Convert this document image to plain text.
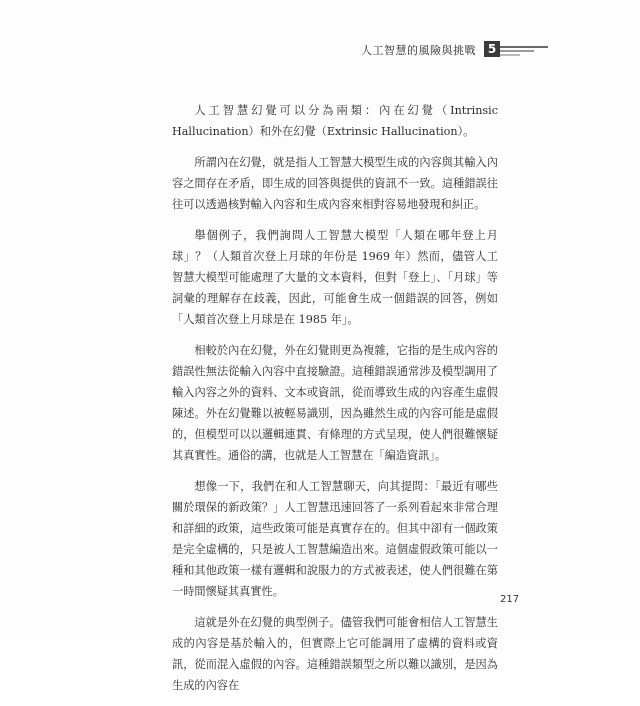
人工智慧的風險與挑戰 5

人工智慧幻覺可以分為兩類：內在幻覺（Intrinsic Hallucination）和外在幻覺（Extrinsic Hallucination）。

所謂內在幻覺，就是指人工智慧大模型生成的內容與其輸入內容之間存在矛盾，即生成的回答與提供的資訊不一致。這種錯誤往往可以透過核對輸入內容和生成內容來相對容易地發現和糾正。

舉個例子，我們詢問人工智慧大模型「人類在哪年登上月球」？（人類首次登上月球的年份是 1969 年）然而，儘管人工智慧大模型可能處理了大量的文本資料，但對「登上」、「月球」等詞彙的理解存在歧義，因此，可能會生成一個錯誤的回答，例如「人類首次登上月球是在 1985 年」。

相較於內在幻覺，外在幻覺則更為複雜，它指的是生成內容的錯誤性無法從輸入內容中直接驗證。這種錯誤通常涉及模型調用了輸入內容之外的資料、文本或資訊，從而導致生成的內容產生虛假陳述。外在幻覺難以被輕易識別，因為雖然生成的內容可能是虛假的，但模型可以以邏輯連貫、有條理的方式呈現，使人們很難懷疑其真實性。通俗的講，也就是人工智慧在「編造資訊」。

想像一下，我們在和人工智慧聊天，向其提問：「最近有哪些關於環保的新政策？」人工智慧迅速回答了一系列看起來非常合理和詳細的政策，這些政策可能是真實存在的。但其中卻有一個政策是完全虛構的，只是被人工智慧編造出來。這個虛假政策可能以一種和其他政策一樣有邏輯和說服力的方式被表述，使人們很難在第一時間懷疑其真實性。

這就是外在幻覺的典型例子。儘管我們可能會相信人工智慧生成的內容是基於輸入的，但實際上它可能調用了虛構的資料或資訊，從而混入虛假的內容。這種錯誤類型之所以難以識別，是因為生成的內容在

217
